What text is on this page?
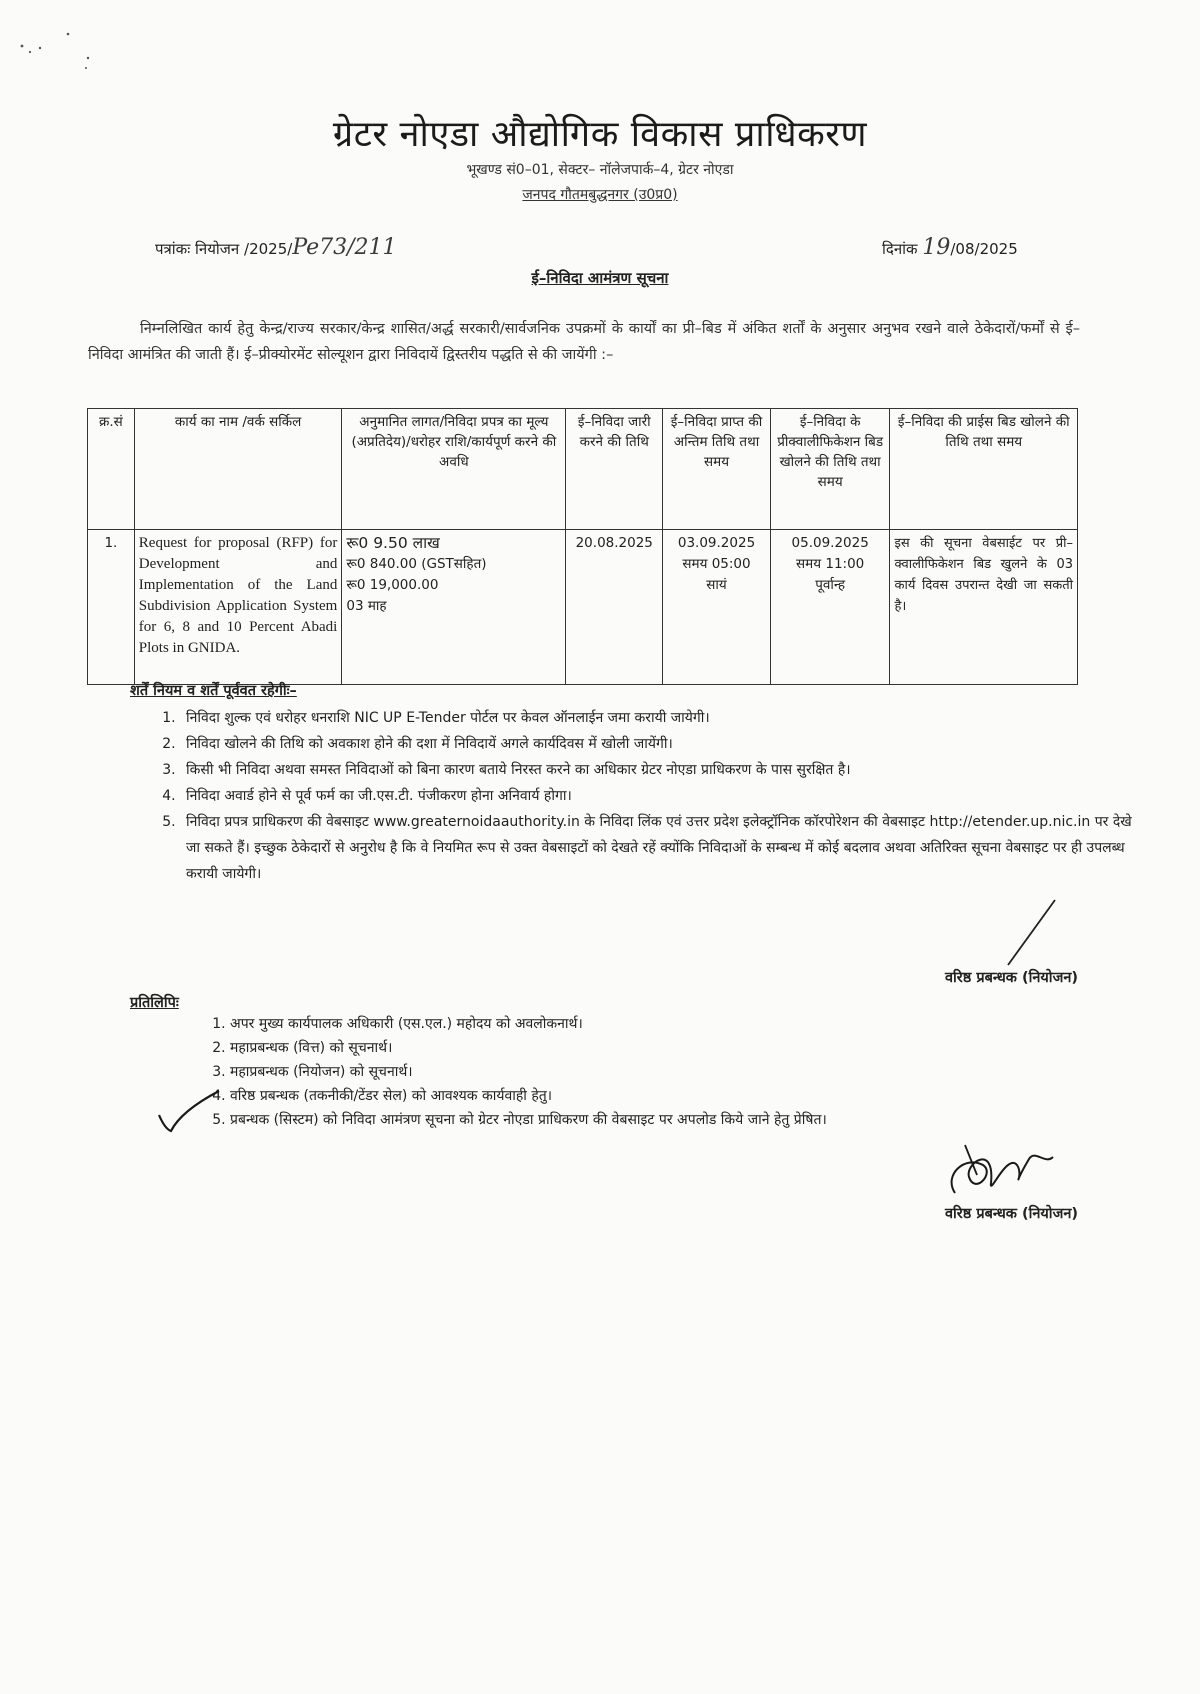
ग्रेटर नोएडा औद्योगिक विकास प्राधिकरण
भूखण्ड सं0–01, सेक्टर– नॉलेजपार्क–4, ग्रेटर नोएडा
जनपद गौतमबुद्धनगर (उ0प्र0)
पत्रांकः नियोजन /2025/Pe73/211	दिनांक 19/08/2025
ई–निविदा आमंत्रण सूचना
निम्नलिखित कार्य हेतु केन्द्र/राज्य सरकार/केन्द्र शासित/अर्द्ध सरकारी/सार्वजनिक उपक्रमों के कार्यों का प्री–बिड में अंकित शर्तों के अनुसार अनुभव रखने वाले ठेकेदारों/फर्मों से ई–निविदा आमंत्रित की जाती हैं। ई–प्रीक्योरमेंट सोल्यूशन द्वारा निविदायें द्विस्तरीय पद्धति से की जायेंगी :–
क्र.सं	कार्य का नाम /वर्क सर्किल	अनुमानित लागत/निविदा प्रपत्र का मूल्य (अप्रतिदेय)/धरोहर राशि/कार्यपूर्ण करने की अवधि	ई–निविदा जारी करने की तिथि	ई–निविदा प्राप्त की अन्तिम तिथि तथा समय	ई–निविदा के प्रीक्वालीफिकेशन बिड खोलने की तिथि तथा समय	ई–निविदा की प्राईस बिड खोलने की तिथि तथा समय
1.	Request for proposal (RFP) for Development and Implementation of the Land Subdivision Application System for 6, 8 and 10 Percent Abadi Plots in GNIDA.	रू0 9.50 लाख
रू0 840.00 (GSTसहित)
रू0 19,000.00
03 माह	20.08.2025	03.09.2025
समय 05:00
सायं	05.09.2025
समय 11:00
पूर्वान्ह	इस की सूचना वेबसाईट पर प्री–क्वालीफिकेशन बिड खुलने के 03 कार्य दिवस उपरान्त देखी जा सकती है।
शर्तें नियम व शर्तें पूर्ववत रहेगीः–
1. निविदा शुल्क एवं धरोहर धनराशि NIC UP E-Tender पोर्टल पर केवल ऑनलाईन जमा करायी जायेगी।
2. निविदा खोलने की तिथि को अवकाश होने की दशा में निविदायें अगले कार्यदिवस में खोली जायेंगी।
3. किसी भी निविदा अथवा समस्त निविदाओं को बिना कारण बताये निरस्त करने का अधिकार ग्रेटर नोएडा प्राधिकरण के पास सुरक्षित है।
4. निविदा अवार्ड होने से पूर्व फर्म का जी.एस.टी. पंजीकरण होना अनिवार्य होगा।
5. निविदा प्रपत्र प्राधिकरण की वेबसाइट www.greaternoidaauthority.in के निविदा लिंक एवं उत्तर प्रदेश इलेक्ट्रॉनिक कॉरपोरेशन की वेबसाइट http://etender.up.nic.in पर देखे जा सकते हैं। इच्छुक ठेकेदारों से अनुरोध है कि वे नियमित रूप से उक्त वेबसाइटों को देखते रहें क्योंकि निविदाओं के सम्बन्ध में कोई बदलाव अथवा अतिरिक्त सूचना वेबसाइट पर ही उपलब्ध करायी जायेगी।
वरिष्ठ प्रबन्धक (नियोजन)
प्रतिलिपिः
1. अपर मुख्य कार्यपालक अधिकारी (एस.एल.) महोदय को अवलोकनार्थ।
2. महाप्रबन्धक (वित्त) को सूचनार्थ।
3. महाप्रबन्धक (नियोजन) को सूचनार्थ।
4. वरिष्ठ प्रबन्धक (तकनीकी/टेंडर सेल) को आवश्यक कार्यवाही हेतु।
5. प्रबन्धक (सिस्टम) को निविदा आमंत्रण सूचना को ग्रेटर नोएडा प्राधिकरण की वेबसाइट पर अपलोड किये जाने हेतु प्रेषित।
वरिष्ठ प्रबन्धक (नियोजन)
